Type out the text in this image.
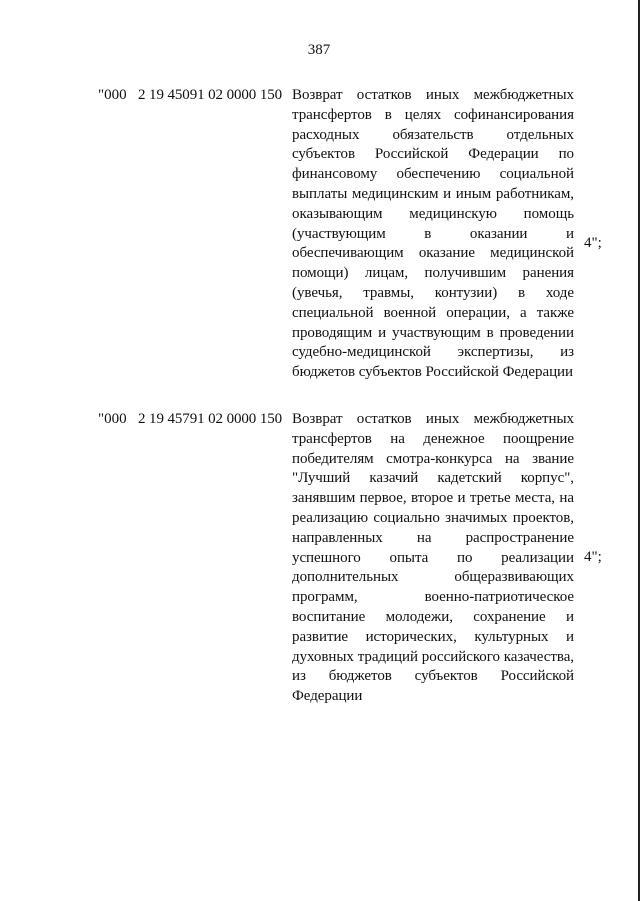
387
"000 2 19 45091 02 0000 150 Возврат остатков иных межбюджетных трансфертов в целях софинансирования расходных обязательств отдельных субъектов Российской Федерации по финансовому обеспечению социальной выплаты медицинским и иным работникам, оказывающим медицинскую помощь (участвующим в оказании и обеспечивающим оказание медицинской помощи) лицам, получившим ранения (увечья, травмы, контузии) в ходе специальной военной операции, а также проводящим и участвующим в проведении судебно-медицинской экспертизы, из бюджетов субъектов Российской Федерации
4";
"000 2 19 45791 02 0000 150 Возврат остатков иных межбюджетных трансфертов на денежное поощрение победителям смотра-конкурса на звание "Лучший казачий кадетский корпус", занявшим первое, второе и третье места, на реализацию социально значимых проектов, направленных на распространение успешного опыта по реализации дополнительных общеразвивающих программ, военно-патриотическое воспитание молодежи, сохранение и развитие исторических, культурных и духовных традиций российского казачества, из бюджетов субъектов Российской Федерации
4";
